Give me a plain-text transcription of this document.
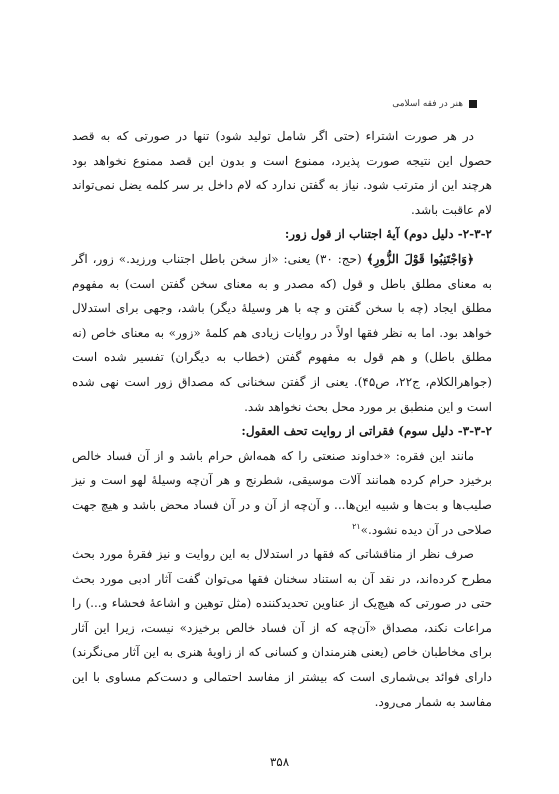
هنر در فقه اسلامی

در هر صورت اشتراء (حتی اگر شامل تولید شود) تنها در صورتی که به قصد حصول این نتیجه صورت پذیرد، ممنوع است و بدون این قصد ممنوع نخواهد بود هرچند این از مترتب شود. نیاز به گفتن ندارد که لام داخل بر سر کلمه یضل نمی‌تواند لام عاقبت باشد.

۲-۳-۲- دلیل دوم) آیهٔ اجتناب از قول زور:

﴿وَاجْتَنِبُوا قَوْلَ الزُّورِ﴾ (حج: ۳۰) یعنی: «از سخن باطل اجتناب ورزید.» زور، اگر به معنای مطلق باطل و قول (که مصدر و به معنای سخن گفتن است) به مفهوم مطلق ایجاد (چه با سخن گفتن و چه با هر وسیلهٔ دیگر) باشد، وجهی برای استدلال خواهد بود. اما به نظر فقها اولاً در روایات زیادی هم کلمهٔ «زور» به معنای خاص (نه مطلق باطل) و هم قول به مفهوم گفتن (خطاب به دیگران) تفسیر شده است (جواهرالکلام، ج۲۲، ص۴۵). یعنی از گفتن سخنانی که مصداق زور است نهی شده است و این منطبق بر مورد محل بحث نخواهد شد.

۳-۳-۲- دلیل سوم) فقراتی از روایت تحف العقول:

مانند این فقره: «خداوند صنعتی را که همه‌اش حرام باشد و از آن فساد خالص برخیزد حرام کرده همانند آلات موسیقی، شطرنج و هر آن‌چه وسیلهٔ لهو است و نیز صلیب‌ها و بت‌ها و شبیه این‌ها... و آن‌چه از آن و در آن فساد محض باشد و هیچ جهت صلاحی در آن دیده نشود.»$^{۲۱}$

صرف نظر از مناقشاتی که فقها در استدلال به این روایت و نیز فقرهٔ مورد بحث مطرح کرده‌اند، در نقد آن به استناد سخنان فقها می‌توان گفت آثار ادبی مورد بحث حتی در صورتی که هیچ‌یک از عناوین تحدیدکننده (مثل توهین و اشاعهٔ فحشاء و...) را مراعات نکند، مصداق «آن‌چه که از آن فساد خالص برخیزد» نیست، زیرا این آثار برای مخاطبان خاص (یعنی هنرمندان و کسانی که از زاویهٔ هنری به این آثار می‌نگرند) دارای فوائد بی‌شماری است که بیشتر از مفاسد احتمالی و دست‌کم مساوی با این مفاسد به شمار می‌رود.

۳۵۸
